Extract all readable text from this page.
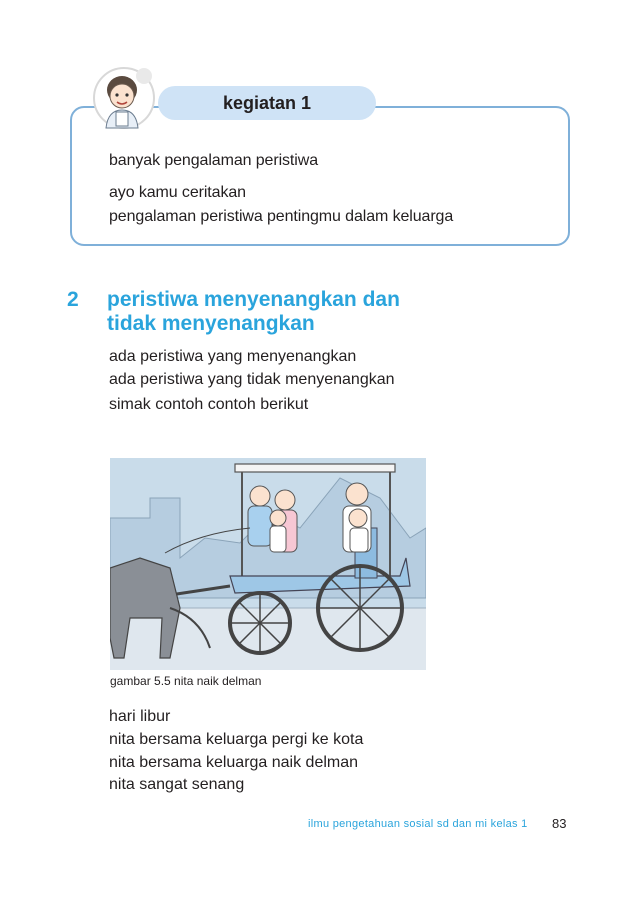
kegiatan 1
banyak pengalaman peristiwa
ayo kamu ceritakan
pengalaman peristiwa pentingmu dalam keluarga
2 peristiwa menyenangkan dan
tidak menyenangkan
ada peristiwa yang menyenangkan
ada peristiwa yang tidak menyenangkan
simak contoh contoh berikut
gambar 5.5 nita naik delman
hari libur
nita bersama keluarga pergi ke kota
nita bersama keluarga naik delman
nita sangat senang
ilmu pengetahuan sosial sd dan mi kelas 1 83
